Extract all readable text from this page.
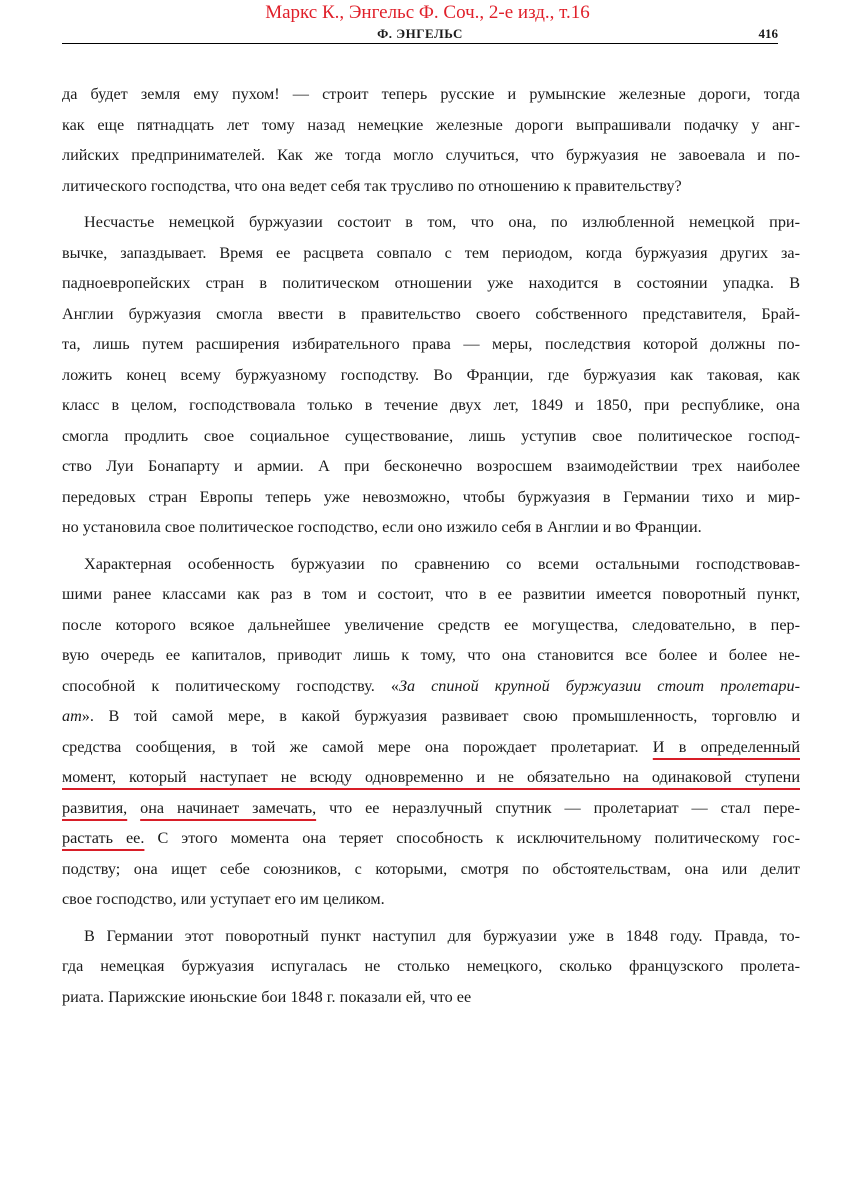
Маркс К., Энгельс Ф. Соч., 2-е изд., т.16
Ф. ЭНГЕЛЬС	416
да будет земля ему пухом! — строит теперь русские и румынские железные дороги, тогда
как еще пятнадцать лет тому назад немецкие железные дороги выпрашивали подачку у анг-
лийских предпринимателей. Как же тогда могло случиться, что буржуазия не завоевала и по-
литического господства, что она ведет себя так трусливо по отношению к правительству?
Несчастье немецкой буржуазии состоит в том, что она, по излюбленной немецкой при-
вычке, запаздывает. Время ее расцвета совпало с тем периодом, когда буржуазия других за-
падноевропейских стран в политическом отношении уже находится в состоянии упадка. В
Англии буржуазия смогла ввести в правительство своего собственного представителя, Брай-
та, лишь путем расширения избирательного права — меры, последствия которой должны по-
ложить конец всему буржуазному господству. Во Франции, где буржуазия как таковая, как
класс в целом, господствовала только в течение двух лет, 1849 и 1850, при республике, она
смогла продлить свое социальное существование, лишь уступив свое политическое господ-
ство Луи Бонапарту и армии. А при бесконечно возросшем взаимодействии трех наиболее
передовых стран Европы теперь уже невозможно, чтобы буржуазия в Германии тихо и мир-
но установила свое политическое господство, если оно изжило себя в Англии и во Франции.
Характерная особенность буржуазии по сравнению со всеми остальными господствовав-
шими ранее классами как раз в том и состоит, что в ее развитии имеется поворотный пункт,
после которого всякое дальнейшее увеличение средств ее могущества, следовательно, в пер-
вую очередь ее капиталов, приводит лишь к тому, что она становится все более и более не-
способной к политическому господству. «За спиной крупной буржуазии стоит пролетари-
ат». В той самой мере, в какой буржуазия развивает свою промышленность, торговлю и
средства сообщения, в той же самой мере она порождает пролетариат. И в определенный
момент, который наступает не всюду одновременно и не обязательно на одинаковой ступени
развития, она начинает замечать, что ее неразлучный спутник — пролетариат — стал пере-
растать ее. С этого момента она теряет способность к исключительному политическому гос-
подству; она ищет себе союзников, с которыми, смотря по обстоятельствам, она или делит
свое господство, или уступает его им целиком.
В Германии этот поворотный пункт наступил для буржуазии уже в 1848 году. Правда, то-
гда немецкая буржуазия испугалась не столько немецкого, сколько французского пролета-
риата. Парижские июньские бои 1848 г. показали ей, что ее
